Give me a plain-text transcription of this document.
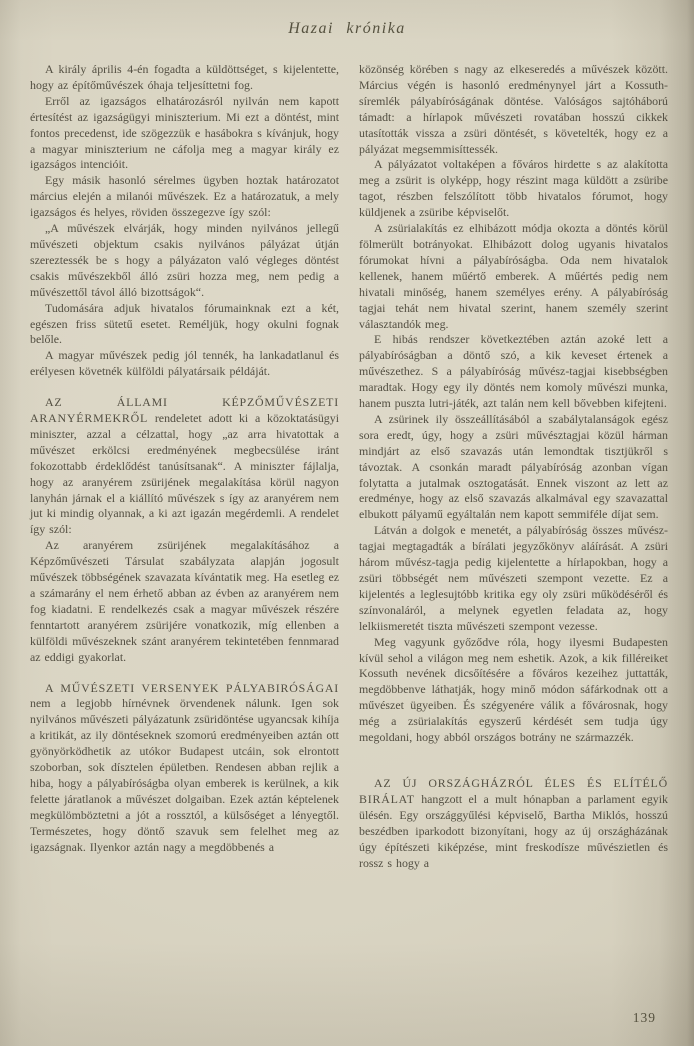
Hazai krónika

A király április 4-én fogadta a küldöttséget, s kijelentette, hogy az építőművészek óhaja teljesíttetni fog.

Erről az igazságos elhatározásról nyilván nem kapott értesítést az igazságügyi miniszterium. Mi ezt a döntést, mint fontos precedenst, ide szögezzük e hasábokra s kívánjuk, hogy a magyar miniszterium ne cáfolja meg a magyar király ez igazságos intencióit.

Egy másik hasonló sérelmes ügyben hoztak határozatot március elején a milanói művészek. Ez a határozatuk, a mely igazságos és helyes, röviden összegezve így szól:

„A művészek elvárják, hogy minden nyilvános jellegű művészeti objektum csakis nyilvános pályázat útján szereztessék be s hogy a pályázaton való végleges döntést csakis művészekből álló zsüri hozza meg, nem pedig a művészettől távol álló bizottságok“.

Tudomására adjuk hivatalos fórumainknak ezt a két, egészen friss sütetű esetet. Reméljük, hogy okulni fognak belőle.

A magyar művészek pedig jól tennék, ha lankadatlanul és erélyesen követnék külföldi pályatársaik példáját.

AZ ÁLLAMI KÉPZŐMŰVÉSZETI ARANYÉRMEKRŐL rendeletet adott ki a közoktatásügyi miniszter, azzal a célzattal, hogy „az arra hivatottak a művészet erkölcsi eredményének megbecsülése iránt fokozottabb érdeklődést tanúsítsanak“. A miniszter fájlalja, hogy az aranyérem zsürijének megalakítása körül nagyon lanyhán járnak el a kiállító művészek s így az aranyérem nem jut ki mindig olyannak, a ki azt igazán megérdemli. A rendelet így szól:

Az aranyérem zsürijének megalakításához a Képzőművészeti Társulat szabályzata alapján jogosult művészek többségének szavazata kívántatik meg. Ha esetleg ez a számarány el nem érhető abban az évben az aranyérem nem fog kiadatni. E rendelkezés csak a magyar művészek részére fenntartott aranyérem zsürijére vonatkozik, míg ellenben a külföldi művészeknek szánt aranyérem tekintetében fennmarad az eddigi gyakorlat.

A MŰVÉSZETI VERSENYEK PÁLYABIRÓSÁGAI nem a legjobb hírnévnek örvendenek nálunk. Igen sok nyilvános művészeti pályázatunk zsüridöntése ugyancsak kihíja a kritikát, az ily döntéseknek szomorú eredményeiben aztán ott gyönyörködhetik az utókor Budapest utcáin, sok elrontott szoborban, sok dísztelen épületben. Rendesen abban rejlik a hiba, hogy a pályabíróságba olyan emberek is kerülnek, a kik felette járatlanok a művészet dolgaiban. Ezek aztán képtelenek megkülömböztetni a jót a rossztól, a külsőséget a lényegtől. Természetes, hogy döntő szavuk sem felelhet meg az igazságnak. Ilyenkor aztán nagy a megdöbbenés a

közönség körében s nagy az elkeseredés a művészek között. Március végén is hasonló eredménynyel járt a Kossuth-síremlék pályabíróságának döntése. Valóságos sajtóháború támadt: a hírlapok művészeti rovatában hosszú cikkek utasították vissza a zsüri döntését, s követelték, hogy ez a pályázat megsemmisíttessék.

A pályázatot voltaképen a főváros hirdette s az alakította meg a zsürit is olyképp, hogy részint maga küldött a zsüribe tagot, részben felszólított több hivatalos fórumot, hogy küldjenek a zsüribe képviselőt.

A zsürialakítás ez elhibázott módja okozta a döntés körül fölmerült botrányokat. Elhibázott dolog ugyanis hivatalos fórumokat hívni a pályabíróságba. Oda nem hivatalok kellenek, hanem műértő emberek. A műértés pedig nem hivatali minőség, hanem személyes erény. A pályabíróság tagjai tehát nem hivatal szerint, hanem személy szerint választandók meg.

E hibás rendszer következtében aztán azoké lett a pályabíróságban a döntő szó, a kik keveset értenek a művészethez. S a pályabíróság művész-tagjai kisebbségben maradtak. Hogy egy ily döntés nem komoly művészi munka, hanem puszta lutri-játék, azt talán nem kell bővebben kifejteni.

A zsürinek ily összeállításából a szabálytalanságok egész sora eredt, úgy, hogy a zsüri művésztagjai közül hárman mindjárt az első szavazás után lemondtak tisztjükről s távoztak. A csonkán maradt pályabíróság azonban vígan folytatta a jutalmak osztogatását. Ennek viszont az lett az eredménye, hogy az első szavazás alkalmával egy szavazattal elbukott pályamű egyáltalán nem kapott semmiféle díjat sem.

Látván a dolgok e menetét, a pályabíróság összes művész-tagjai megtagadták a bírálati jegyzőkönyv aláírását. A zsüri három művész-tagja pedig kijelentette a hírlapokban, hogy a zsüri többségét nem művészeti szempont vezette. Ez a kijelentés a leglesujtóbb kritika egy oly zsüri működéséről és színvonaláról, a melynek egyetlen feladata az, hogy lelkiismeretét tiszta művészeti szempont vezesse.

Meg vagyunk győződve róla, hogy ilyesmi Budapesten kívül sehol a világon meg nem eshetik. Azok, a kik filléreiket Kossuth nevének dicsőítésére a főváros kezeihez juttatták, megdöbbenve láthatják, hogy minő módon sáfárkodnak ott a művészet ügyeiben. És szégyenére válik a fővárosnak, hogy még a zsürialakítás egyszerű kérdését sem tudja úgy megoldani, hogy abból országos botrány ne származzék.

AZ ÚJ ORSZÁGHÁZRÓL ÉLES ÉS ELÍTÉLŐ BIRÁLAT hangzott el a mult hónapban a parlament egyik ülésén. Egy országgyűlési képviselő, Bartha Miklós, hosszú beszédben iparkodott bizonyítani, hogy az új országházának úgy építészeti kiképzése, mint freskodísze művészietlen és rossz s hogy a

139
